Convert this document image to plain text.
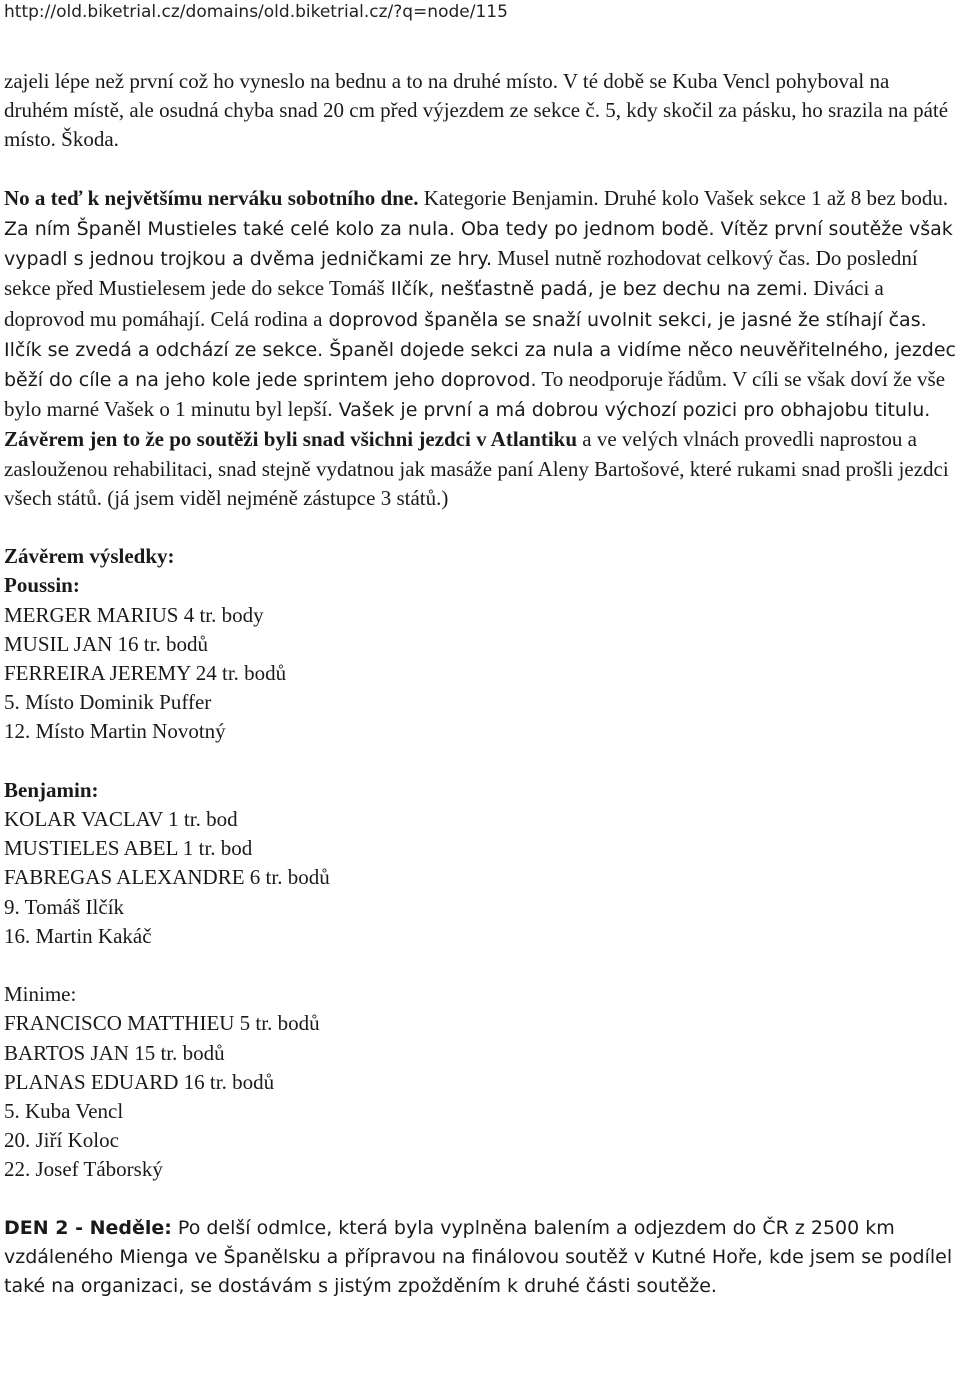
http://old.biketrial.cz/domains/old.biketrial.cz/?q=node/115

zajeli lépe než první což ho vyneslo na bednu a to na druhé místo. V té době se Kuba Vencl pohyboval na druhém místě, ale osudná chyba snad 20 cm před výjezdem ze sekce č. 5, kdy skočil za pásku, ho srazila na páté místo. Škoda.

No a teď k největšímu nerváku sobotního dne. Kategorie Benjamin. Druhé kolo Vašek sekce 1 až 8 bez bodu. Za ním Španěl Mustieles také celé kolo za nula. Oba tedy po jednom bodě. Vítěz první soutěže však vypadl s jednou trojkou a dvěma jedničkami ze hry. Musel nutně rozhodovat celkový čas. Do poslední sekce před Mustielesem jede do sekce Tomáš Ilčík, nešťastně padá, je bez dechu na zemi. Diváci a doprovod mu pomáhají. Celá rodina a doprovod španěla se snaží uvolnit sekci, je jasné že stíhají čas. Ilčík se zvedá a odchází ze sekce. Španěl dojede sekci za nula a vidíme něco neuvěřitelného, jezdec běží do cíle a na jeho kole jede sprintem jeho doprovod. To neodporuje řádům. V cíli se však doví že vše bylo marné Vašek o 1 minutu byl lepší. Vašek je první a má dobrou výchozí pozici pro obhajobu titulu.

Závěrem jen to že po soutěži byli snad všichni jezdci v Atlantiku a ve velých vlnách provedli naprostou a zaslouženou rehabilitaci, snad stejně vydatnou jak masáže paní Aleny Bartošové, které rukami snad prošli jezdci všech států. (já jsem viděl nejméně zástupce 3 států.)

Závěrem výsledky:

Poussin:
MERGER MARIUS 4 tr. body
MUSIL JAN 16 tr. bodů
FERREIRA JEREMY 24 tr. bodů
5. Místo Dominik Puffer
12. Místo Martin Novotný
Benjamin:
KOLAR VACLAV 1 tr. bod
MUSTIELES ABEL 1 tr. bod
FABREGAS ALEXANDRE 6 tr. bodů
9. Tomáš Ilčík
16. Martin Kakáč
Minime:
FRANCISCO MATTHIEU 5 tr. bodů
BARTOS JAN 15 tr. bodů
PLANAS EDUARD 16 tr. bodů
5. Kuba Vencl
20. Jiří Koloc
22. Josef Táborský

DEN 2 - Neděle: Po delší odmlce, která byla vyplněna balením a odjezdem do ČR z 2500 km vzdáleného Mienga ve Španělsku a přípravou na finálovou soutěž v Kutné Hoře, kde jsem se podílel také na organizaci, se dostávám s jistým zpožděním k druhé části soutěže.
